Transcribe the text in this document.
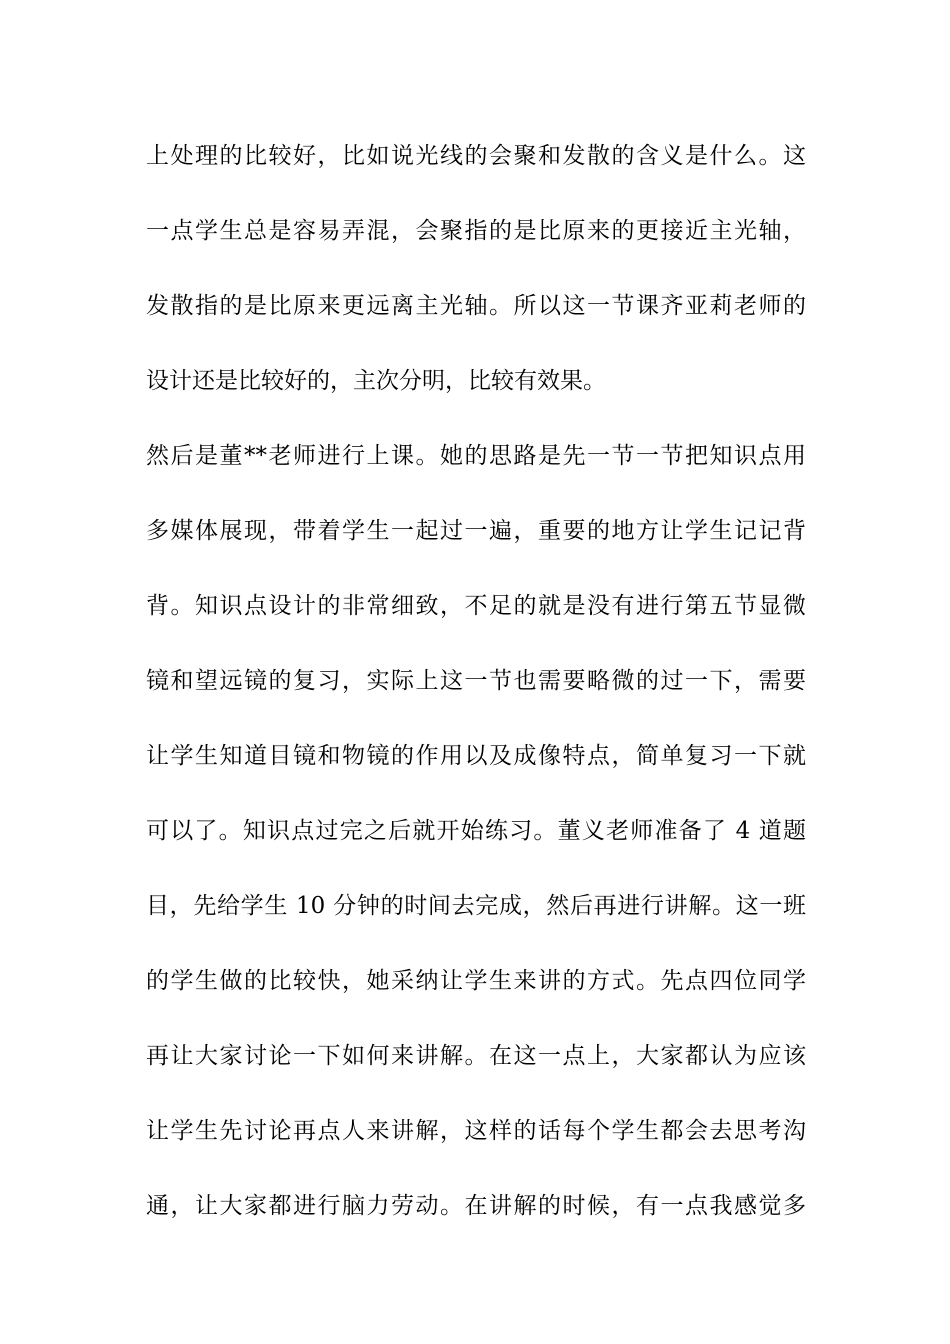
上处理的比较好，比如说光线的会聚和发散的含义是什么。这
一点学生总是容易弄混，会聚指的是比原来的更接近主光轴，
发散指的是比原来更远离主光轴。所以这一节课齐亚莉老师的
设计还是比较好的，主次分明，比较有效果。
然后是董**老师进行上课。她的思路是先一节一节把知识点用
多媒体展现，带着学生一起过一遍，重要的地方让学生记记背
背。知识点设计的非常细致，不足的就是没有进行第五节显微
镜和望远镜的复习，实际上这一节也需要略微的过一下，需要
让学生知道目镜和物镜的作用以及成像特点，简单复习一下就
可以了。知识点过完之后就开始练习。董义老师准备了 4 道题
目，先给学生 10 分钟的时间去完成，然后再进行讲解。这一班
的学生做的比较快，她采纳让学生来讲的方式。先点四位同学
再让大家讨论一下如何来讲解。在这一点上，大家都认为应该
让学生先讨论再点人来讲解，这样的话每个学生都会去思考沟
通，让大家都进行脑力劳动。在讲解的时候，有一点我感觉多
